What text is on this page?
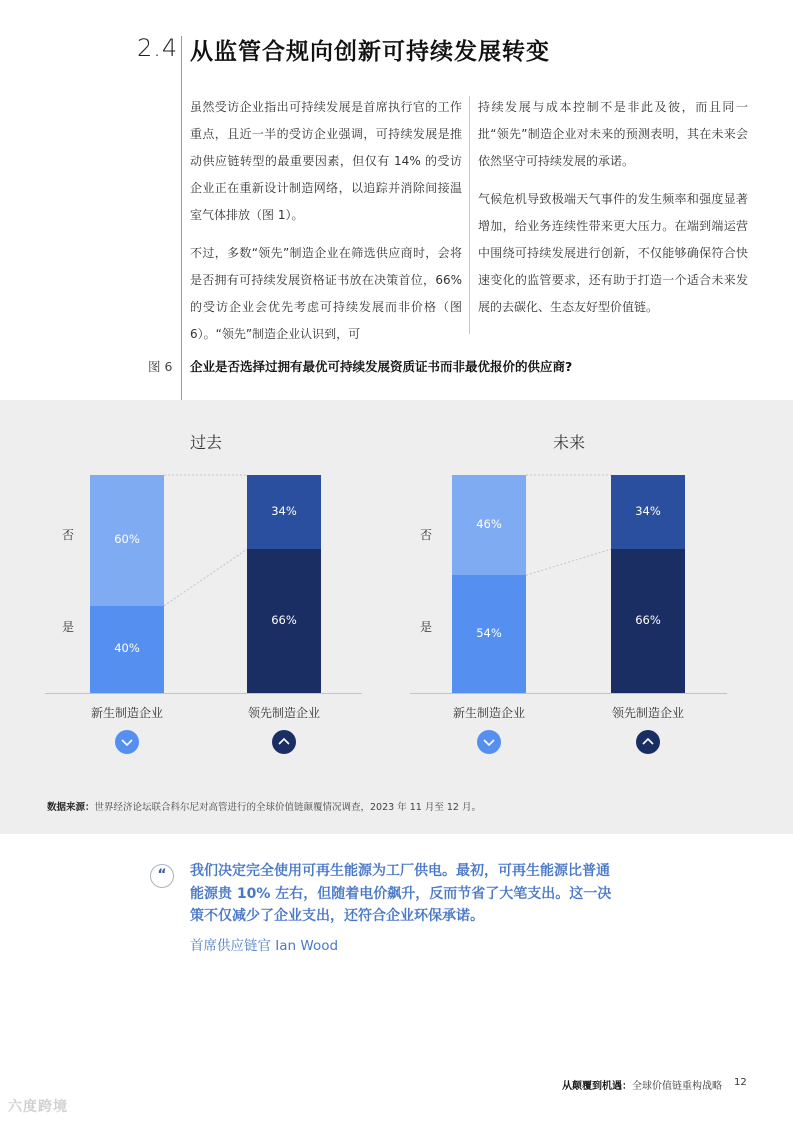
2.4 从监管合规向创新可持续发展转变

虽然受访企业指出可持续发展是首席执行官的工作重点，且近一半的受访企业强调，可持续发展是推动供应链转型的最重要因素，但仅有 14% 的受访企业正在重新设计制造网络，以追踪并消除间接温室气体排放（图 1）。

不过，多数“领先”制造企业在筛选供应商时，会将是否拥有可持续发展资格证书放在决策首位，66% 的受访企业会优先考虑可持续发展而非价格（图 6）。“领先”制造企业认识到，可

持续发展与成本控制不是非此及彼，而且同一批“领先”制造企业对未来的预测表明，其在未来会依然坚守可持续发展的承诺。

气候危机导致极端天气事件的发生频率和强度显著增加，给业务连续性带来更大压力。在端到端运营中围绕可持续发展进行创新，不仅能够确保符合快速变化的监管要求，还有助于打造一个适合未来发展的去碳化、生态友好型价值链。

图 6 企业是否选择过拥有最优可持续发展资质证书而非最优报价的供应商?
过去
否
是
40%
60%
新生制造企业
66%
34%
领先制造企业
未来
否
是	54%
46%
新生制造企业
66%
34%
领先制造企业
数据来源：世界经济论坛联合科尔尼对高管进行的全球价值链颠覆情况调查，2023 年 11 月至 12 月。
“	我们决定完全使用可再生能源为工厂供电。最初，可再生能源比普通能源贵 10% 左右，但随着电价飙升，反而节省了大笔支出。这一决策不仅减少了企业支出，还符合企业环保承诺。
首席供应链官 Ian Wood
从颠覆到机遇：全球价值链重构战略 12
六度跨境
